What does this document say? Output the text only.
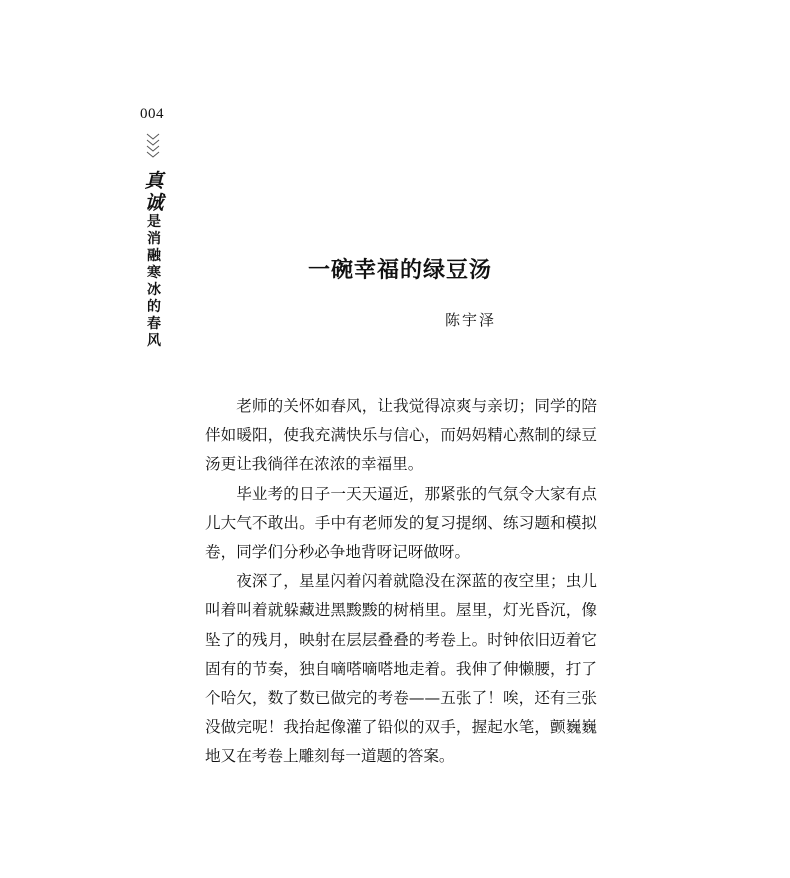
004
真
诚
是
消
融
寒
冰
的
春
风
一碗幸福的绿豆汤
陈宇泽

老师的关怀如春风，让我觉得凉爽与亲切；同学的陪伴如暖阳，使我充满快乐与信心，而妈妈精心熬制的绿豆汤更让我徜徉在浓浓的幸福里。

毕业考的日子一天天逼近，那紧张的气氛令大家有点儿大气不敢出。手中有老师发的复习提纲、练习题和模拟卷，同学们分秒必争地背呀记呀做呀。

夜深了，星星闪着闪着就隐没在深蓝的夜空里；虫儿叫着叫着就躲藏进黑黢黢的树梢里。屋里，灯光昏沉，像坠了的残月，映射在层层叠叠的考卷上。时钟依旧迈着它固有的节奏，独自嘀嗒嘀嗒地走着。我伸了伸懒腰，打了个哈欠，数了数已做完的考卷——五张了！唉，还有三张没做完呢！我抬起像灌了铅似的双手，握起水笔，颤巍巍地又在考卷上雕刻每一道题的答案。
